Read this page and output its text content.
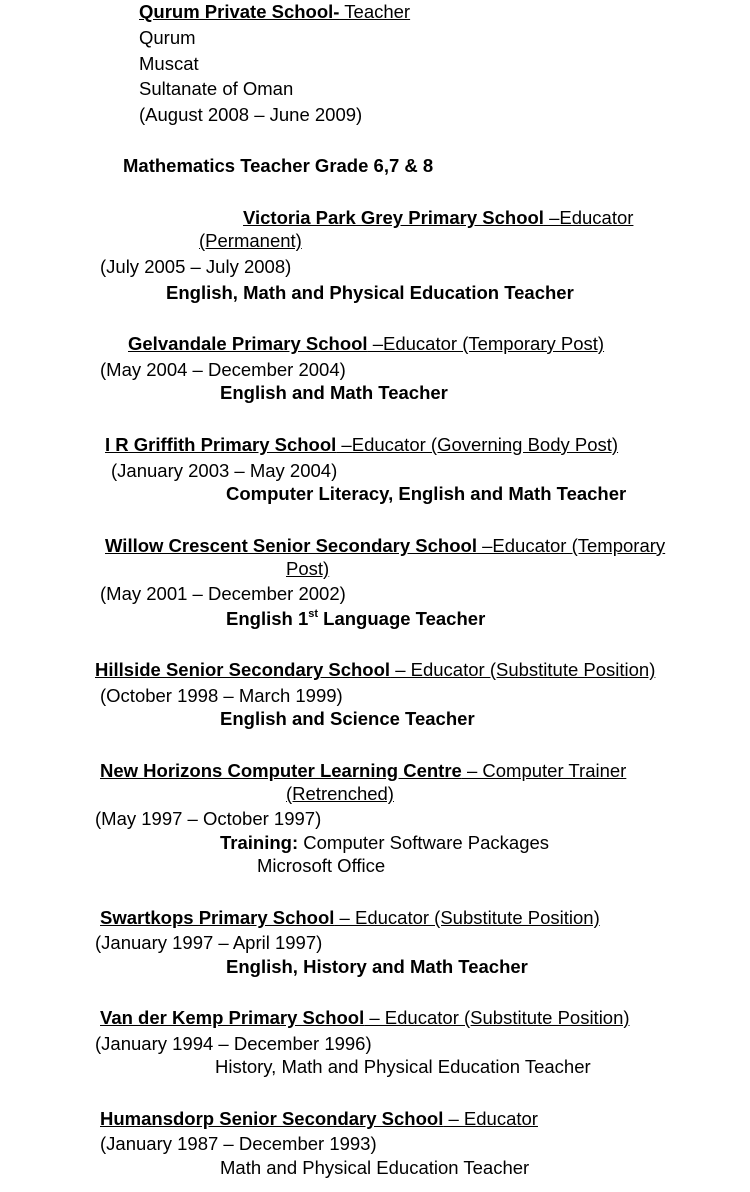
Qurum Private School- Teacher
Qurum
Muscat
Sultanate of Oman
(August 2008 – June 2009)
Mathematics Teacher Grade 6,7 & 8
Victoria Park Grey Primary School –Educator
(Permanent)
(July 2005 – July 2008)
English, Math and Physical Education Teacher
Gelvandale Primary School –Educator (Temporary Post)
(May 2004 – December 2004)
English and Math Teacher
I R Griffith Primary School –Educator (Governing Body Post)
(January 2003 – May 2004)
Computer Literacy, English and Math Teacher
Willow Crescent Senior Secondary School –Educator (Temporary
Post)
(May 2001 – December 2002)
English 1st Language Teacher
Hillside Senior Secondary School – Educator (Substitute Position)
(October 1998 – March 1999)
English and Science Teacher
New Horizons Computer Learning Centre – Computer Trainer
(Retrenched)
(May 1997 – October 1997)
Training: Computer Software Packages
Microsoft Office
Swartkops Primary School – Educator (Substitute Position)
(January 1997 – April 1997)
English, History and Math Teacher
Van der Kemp Primary School – Educator (Substitute Position)
(January 1994 – December 1996)
History, Math and Physical Education Teacher
Humansdorp Senior Secondary School – Educator
(January 1987 – December 1993)
Math and Physical Education Teacher
